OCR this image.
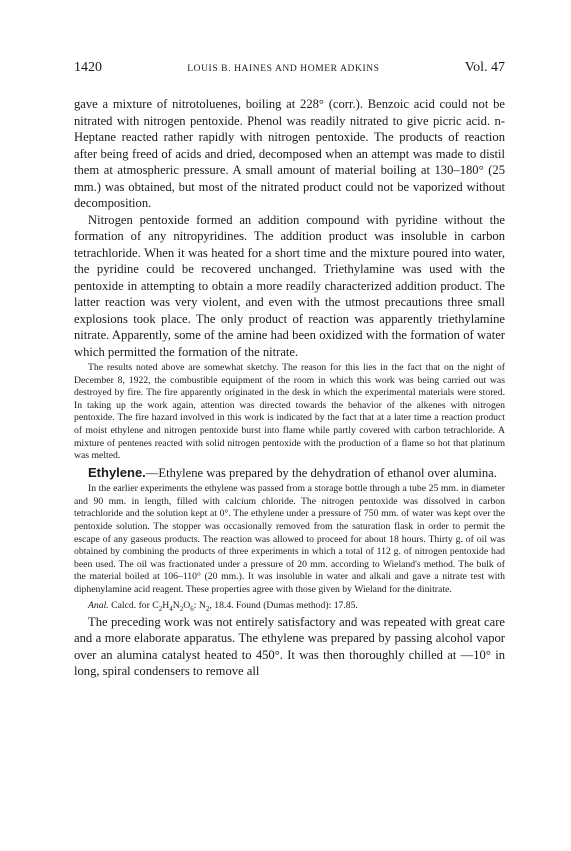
1420	LOUIS B. HAINES AND HOMER ADKINS	Vol. 47

gave a mixture of nitrotoluenes, boiling at 228° (corr.). Benzoic acid could not be nitrated with nitrogen pentoxide. Phenol was readily nitrated to give picric acid. n-Heptane reacted rather rapidly with nitrogen pentoxide. The products of reaction after being freed of acids and dried, decomposed when an attempt was made to distil them at atmospheric pressure. A small amount of material boiling at 130–180° (25 mm.) was obtained, but most of the nitrated product could not be vaporized without decomposition.

Nitrogen pentoxide formed an addition compound with pyridine without the formation of any nitropyridines. The addition product was insoluble in carbon tetrachloride. When it was heated for a short time and the mixture poured into water, the pyridine could be recovered unchanged. Triethylamine was used with the pentoxide in attempting to obtain a more readily characterized addition product. The latter reaction was very violent, and even with the utmost precautions three small explosions took place. The only product of reaction was apparently triethylamine nitrate. Apparently, some of the amine had been oxidized with the formation of water which permitted the formation of the nitrate.

The results noted above are somewhat sketchy. The reason for this lies in the fact that on the night of December 8, 1922, the combustible equipment of the room in which this work was being carried out was destroyed by fire. The fire apparently originated in the desk in which the experimental materials were stored. In taking up the work again, attention was directed towards the behavior of the alkenes with nitrogen pentoxide. The fire hazard involved in this work is indicated by the fact that at a later time a reaction product of moist ethylene and nitrogen pentoxide burst into flame while partly covered with carbon tetrachloride. A mixture of pentenes reacted with solid nitrogen pentoxide with the production of a flame so hot that platinum was melted.

Ethylene.—Ethylene was prepared by the dehydration of ethanol over alumina.

In the earlier experiments the ethylene was passed from a storage bottle through a tube 25 mm. in diameter and 90 mm. in length, filled with calcium chloride. The nitrogen pentoxide was dissolved in carbon tetrachloride and the solution kept at 0°. The ethylene under a pressure of 750 mm. of water was kept over the pentoxide solution. The stopper was occasionally removed from the saturation flask in order to permit the escape of any gaseous products. The reaction was allowed to proceed for about 18 hours. Thirty g. of oil was obtained by combining the products of three experiments in which a total of 112 g. of nitrogen pentoxide had been used. The oil was fractionated under a pressure of 20 mm. according to Wieland's method. The bulk of the material boiled at 106–110° (20 mm.). It was insoluble in water and alkali and gave a nitrate test with diphenylamine acid reagent. These properties agree with those given by Wieland for the dinitrate.

Anal. Calcd. for $C_2H_4N_2O_6$: $N_2$, 18.4. Found (Dumas method): 17.85.

The preceding work was not entirely satisfactory and was repeated with great care and a more elaborate apparatus. The ethylene was prepared by passing alcohol vapor over an alumina catalyst heated to 450°. It was then thoroughly chilled at —10° in long, spiral condensers to remove all
